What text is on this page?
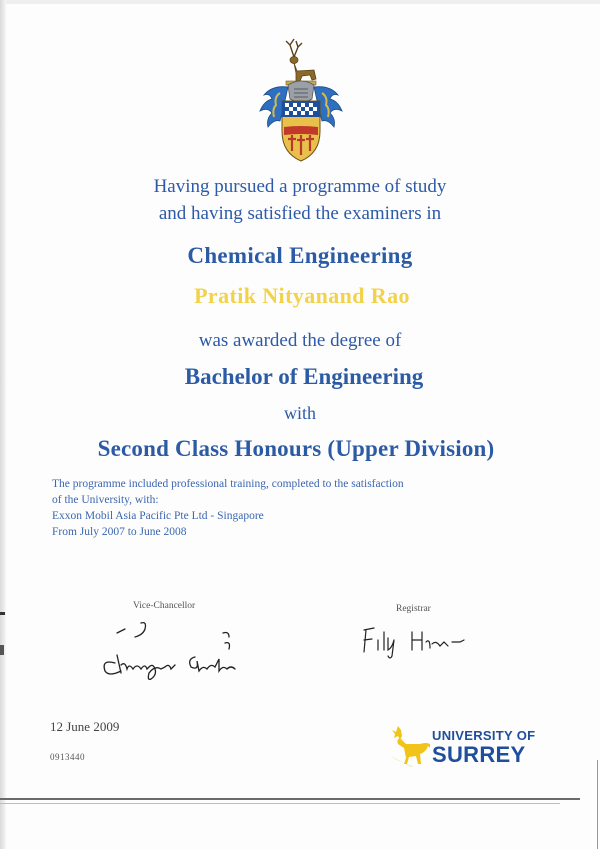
Having pursued a programme of study
and having satisfied the examiners in
Chemical Engineering
Pratik Nityanand Rao
was awarded the degree of
Bachelor of Engineering
with
Second Class Honours (Upper Division)
The programme included professional training, completed to the satisfaction
of the University, with:
Exxon Mobil Asia Pacific Pte Ltd - Singapore
From July 2007 to June 2008
Vice-Chancellor	Registrar
12 June 2009
0913440
UNIVERSITY OF
SURREY
